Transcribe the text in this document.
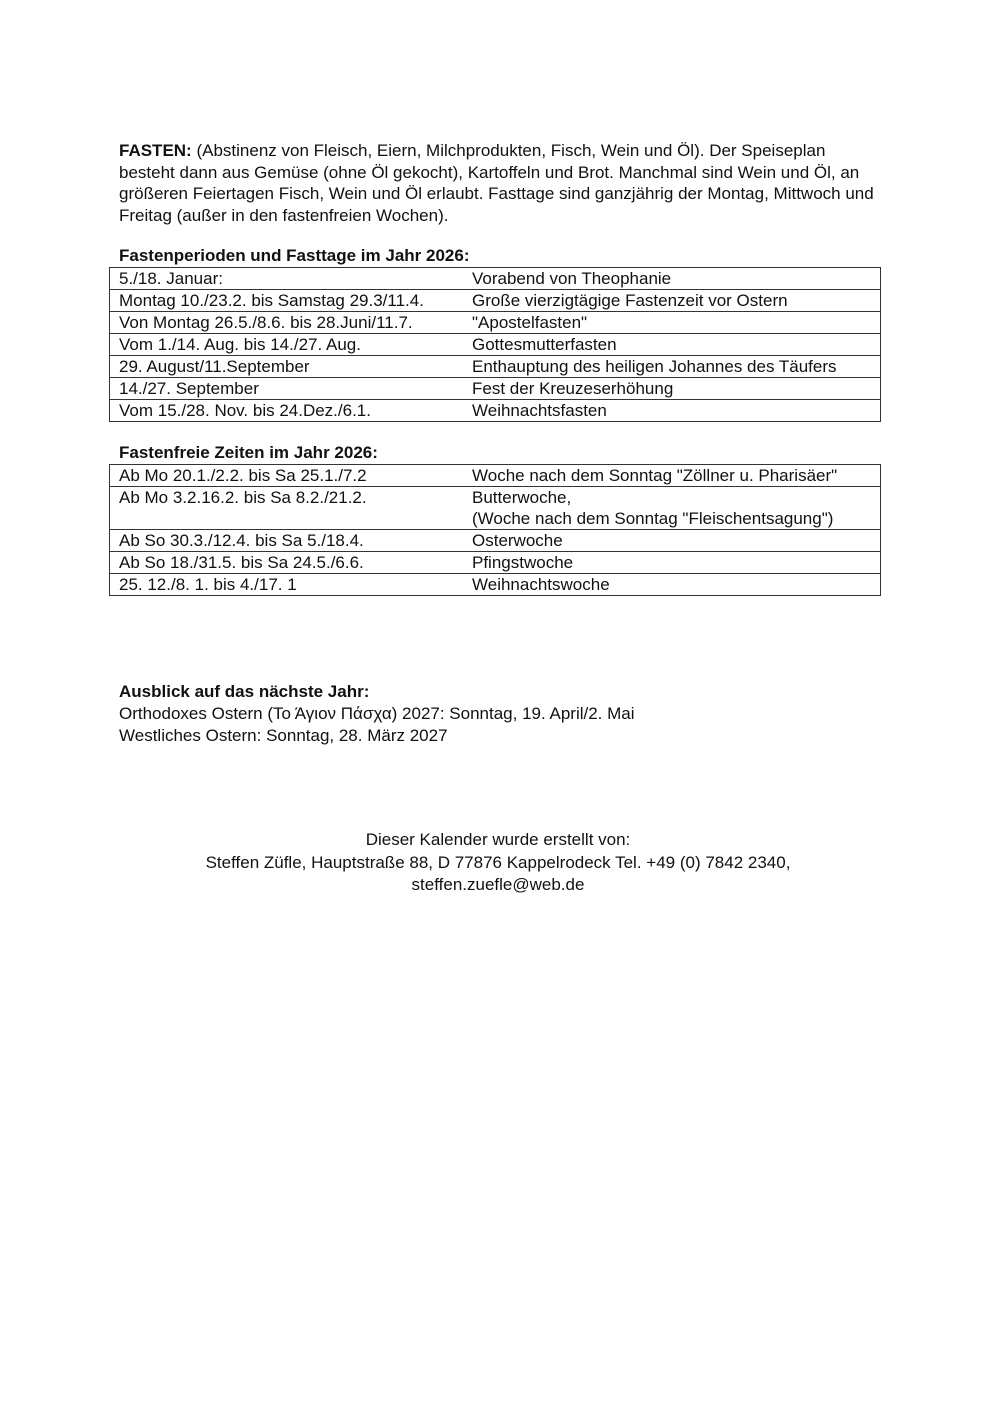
FASTEN: (Abstinenz von Fleisch, Eiern, Milchprodukten, Fisch, Wein und Öl). Der Speiseplan besteht dann aus Gemüse (ohne Öl gekocht), Kartoffeln und Brot. Manchmal sind Wein und Öl, an größeren Feiertagen Fisch, Wein und Öl erlaubt. Fasttage sind ganzjährig der Montag, Mittwoch und Freitag (außer in den fastenfreien Wochen).
Fastenperioden und Fasttage im Jahr 2026:
5./18. Januar:	Vorabend von Theophanie
Montag 10./23.2. bis Samstag 29.3/11.4.	Große vierzigtägige Fastenzeit vor Ostern
Von Montag 26.5./8.6. bis 28.Juni/11.7.	"Apostelfasten"
Vom 1./14. Aug. bis 14./27. Aug.	Gottesmutterfasten
29. August/11.September	Enthauptung des heiligen Johannes des Täufers
14./27. September	Fest der Kreuzeserhöhung
Vom 15./28. Nov. bis 24.Dez./6.1.	Weihnachtsfasten
Fastenfreie Zeiten im Jahr 2026:
Ab Mo 20.1./2.2. bis Sa 25.1./7.2	Woche nach dem Sonntag "Zöllner u. Pharisäer"
Ab Mo 3.2.16.2. bis Sa 8.2./21.2.	Butterwoche,
(Woche nach dem Sonntag "Fleischentsagung")

Ab So 30.3./12.4. bis Sa 5./18.4.	Osterwoche
Ab So 18./31.5. bis Sa 24.5./6.6.	Pfingstwoche
25. 12./8. 1. bis 4./17. 1	Weihnachtswoche
Ausblick auf das nächste Jahr:
Orthodoxes Ostern (Το Άγιον Πάσχα) 2027: Sonntag, 19. April/2. Mai
Westliches Ostern: Sonntag, 28. März 2027
Dieser Kalender wurde erstellt von:
Steffen Züfle, Hauptstraße 88, D 77876 Kappelrodeck Tel. +49 (0) 7842 2340,
steffen.zuefle@web.de
